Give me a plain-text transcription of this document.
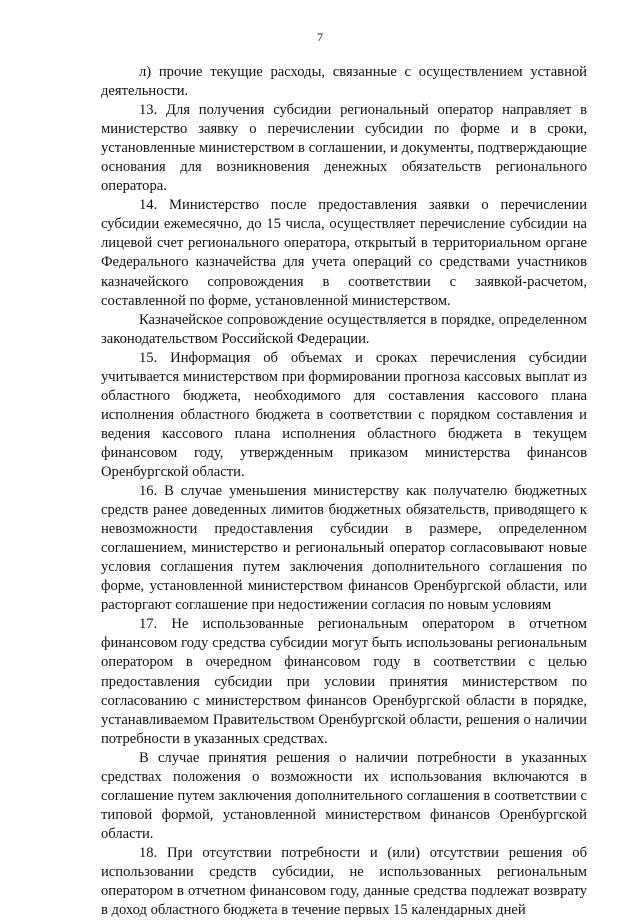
7

л) прочие текущие расходы, связанные с осуществлением уставной деятельности.

13. Для получения субсидии региональный оператор направляет в министерство заявку о перечислении субсидии по форме и в сроки, установленные министерством в соглашении, и документы, подтверждающие основания для возникновения денежных обязательств регионального оператора.

14. Министерство после предоставления заявки о перечислении субсидии ежемесячно, до 15 числа, осуществляет перечисление субсидии на лицевой счет регионального оператора, открытый в территориальном органе Федерального казначейства для учета операций со средствами участников казначейского сопровождения в соответствии с заявкой-расчетом, составленной по форме, установленной министерством.

Казначейское сопровождение осуществляется в порядке, определенном законодательством Российской Федерации.

15. Информация об объемах и сроках перечисления субсидии учитывается министерством при формировании прогноза кассовых выплат из областного бюджета, необходимого для составления кассового плана исполнения областного бюджета в соответствии с порядком составления и ведения кассового плана исполнения областного бюджета в текущем финансовом году, утвержденным приказом министерства финансов Оренбургской области.

16. В случае уменьшения министерству как получателю бюджетных средств ранее доведенных лимитов бюджетных обязательств, приводящего к невозможности предоставления субсидии в размере, определенном соглашением, министерство и региональный оператор согласовывают новые условия соглашения путем заключения дополнительного соглашения по форме, установленной министерством финансов Оренбургской области, или расторгают соглашение при недостижении согласия по новым условиям

17. Не использованные региональным оператором в отчетном финансовом году средства субсидии могут быть использованы региональным оператором в очередном финансовом году в соответствии с целью предоставления субсидии при условии принятия министерством по согласованию с министерством финансов Оренбургской области в порядке, устанавливаемом Правительством Оренбургской области, решения о наличии потребности в указанных средствах.

В случае принятия решения о наличии потребности в указанных средствах положения о возможности их использования включаются в соглашение путем заключения дополнительного соглашения в соответствии с типовой формой, установленной министерством финансов Оренбургской области.

18. При отсутствии потребности и (или) отсутствии решения об использовании средств субсидии, не использованных региональным оператором в отчетном финансовом году, данные средства подлежат возврату в доход областного бюджета в течение первых 15 календарных дней
